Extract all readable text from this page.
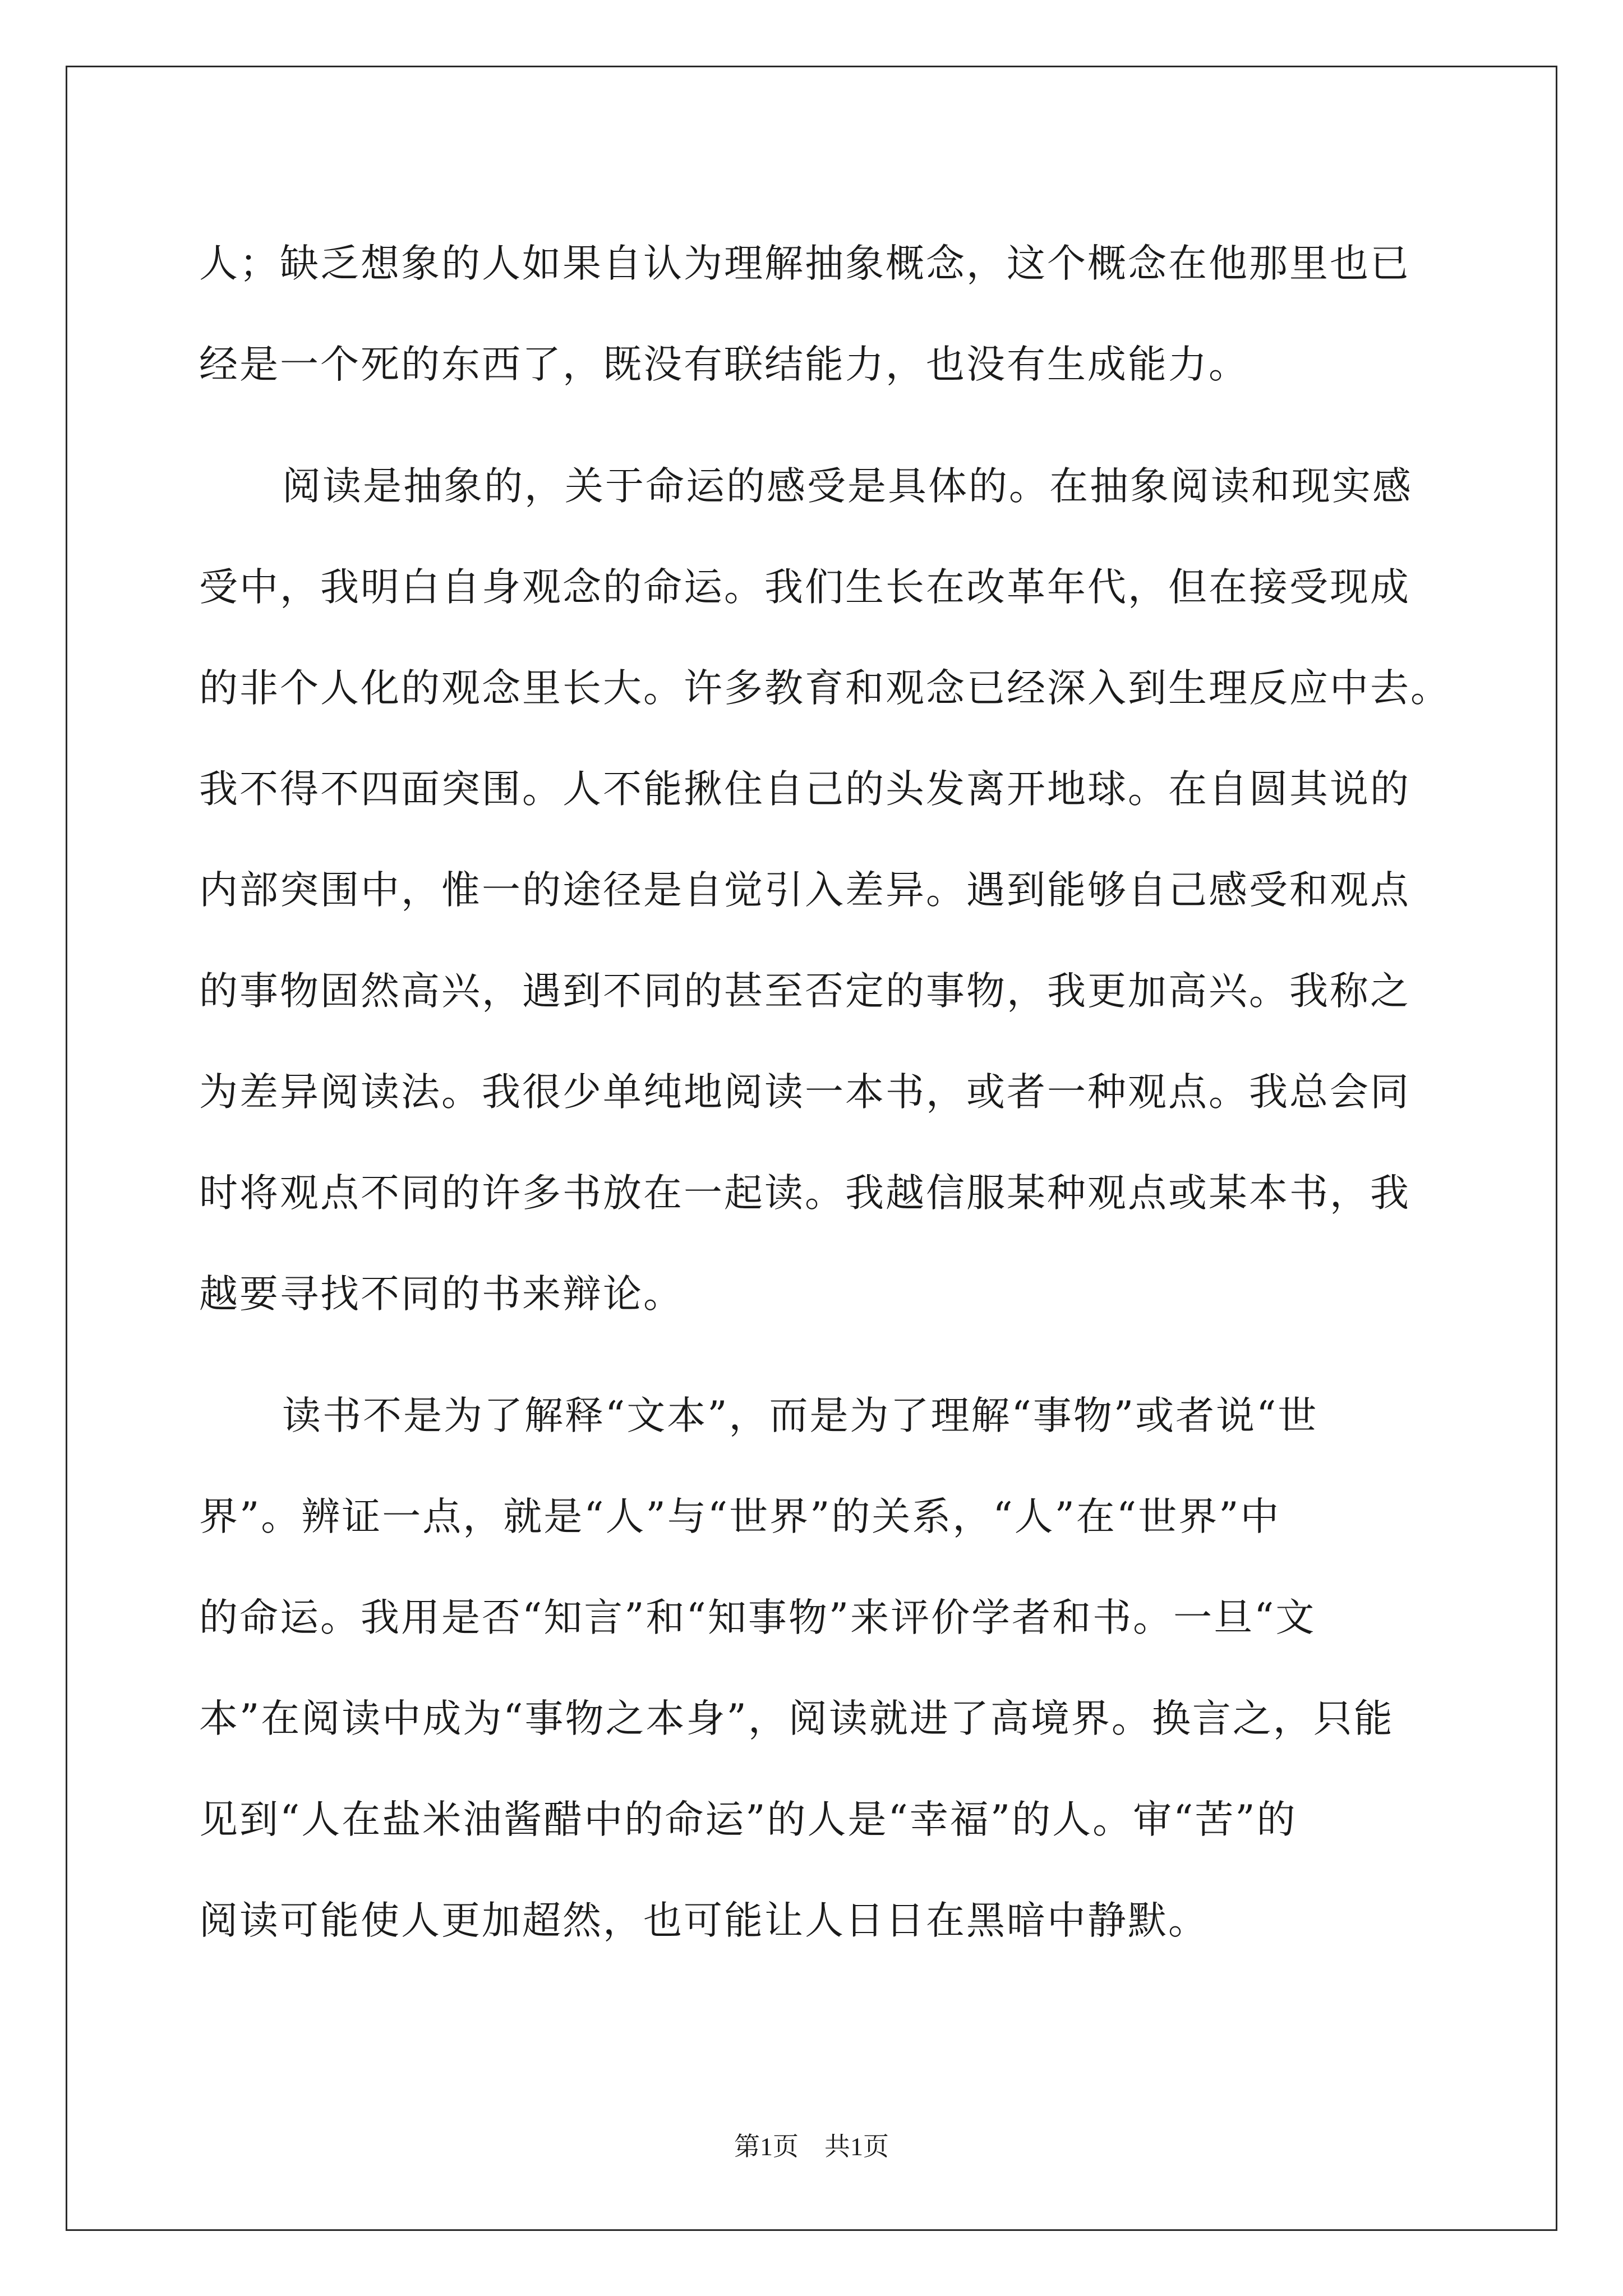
人；缺乏想象的人如果自认为理解抽象概念，这个概念在他那里也已
经是一个死的东西了，既没有联结能力，也没有生成能力。
阅读是抽象的，关于命运的感受是具体的。在抽象阅读和现实感
受中，我明白自身观念的命运。我们生长在改革年代，但在接受现成
的非个人化的观念里长大。许多教育和观念已经深入到生理反应中去。
我不得不四面突围。人不能揪住自己的头发离开地球。在自圆其说的
内部突围中，惟一的途径是自觉引入差异。遇到能够自己感受和观点
的事物固然高兴，遇到不同的甚至否定的事物，我更加高兴。我称之
为差异阅读法。我很少单纯地阅读一本书，或者一种观点。我总会同
时将观点不同的许多书放在一起读。我越信服某种观点或某本书，我
越要寻找不同的书来辩论。
读书不是为了解释“文本”，而是为了理解“事物”或者说“世
界”。辨证一点，就是“人”与“世界”的关系，“人”在“世界”中
的命运。我用是否“知言”和“知事物”来评价学者和书。一旦“文
本”在阅读中成为“事物之本身”，阅读就进了高境界。换言之，只能
见到“人在盐米油酱醋中的命运”的人是“幸福”的人。审“苦”的
阅读可能使人更加超然，也可能让人日日在黑暗中静默。
第1页 共1页
